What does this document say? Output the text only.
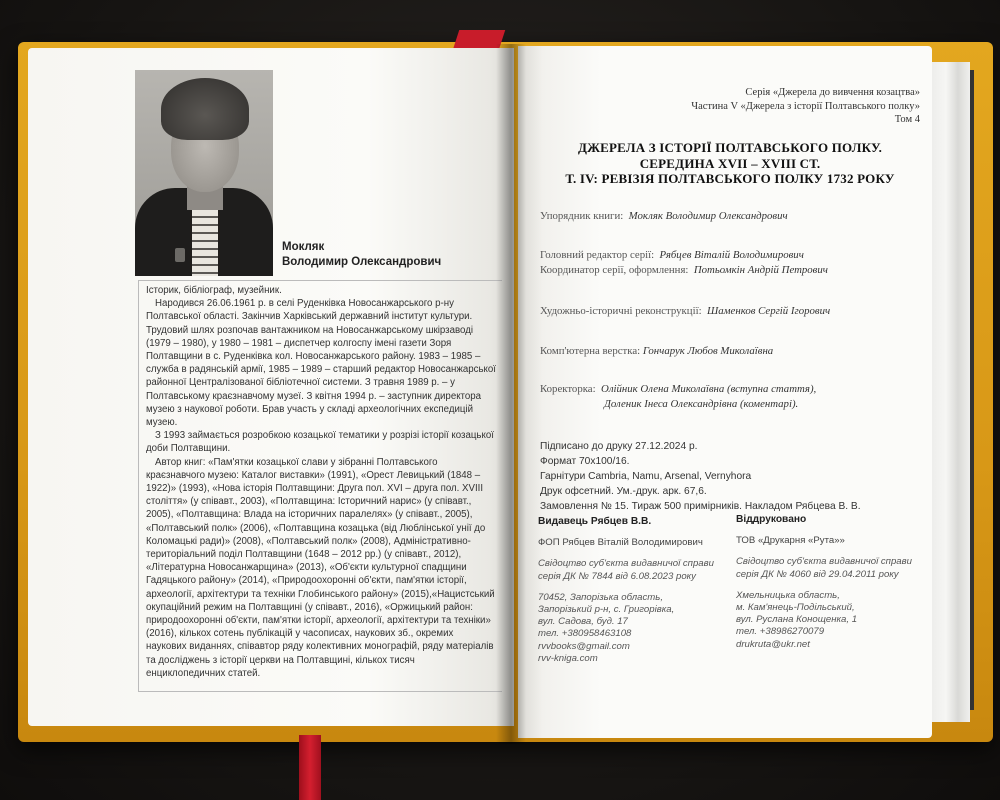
Мокляк
Володимир Олександрович

Історик, бібліограф, музейник.

Народився 26.06.1961 р. в селі Руденківка Новосанжарського р-ну Полтавської області. Закінчив Харківський державний інститут культури. Трудовий шлях розпочав вантажником на Новосанжарському шкірзаводі (1979 – 1980), у 1980 – 1981 – диспетчер колгоспу імені газети Зоря Полтавщини в с. Руденківка кол. Новосанжарського району. 1983 – 1985 – служба в радянській армії, 1985 – 1989 – старший редактор Новосанжарської районної Централізованої бібліотечної системи. З травня 1989 р. – у Полтавському краєзнавчому музеї. З квітня 1994 р. – заступник директора музею з наукової роботи. Брав участь у складі археологічних експедицій музею.

З 1993 займається розробкою козацької тематики у розрізі історії козацької доби Полтавщини.

Автор книг: «Пам'ятки козацької слави у зібранні Полтавського краєзнавчого музею: Каталог виставки» (1991), «Орест Левицький (1848 – 1922)» (1993), «Нова історія Полтавщини: Друга пол. XVI – друга пол. XVIII століття» (у співавт., 2003), «Полтавщина: Історичний нарис» (у співавт., 2005), «Полтавщина: Влада на історичних паралелях» (у співавт., 2005), «Полтавський полк» (2006), «Полтавщина козацька (від Люблінської унії до Коломацькі ради)» (2008), «Полтавський полк» (2008), Адміністративно-територіальний поділ Полтавщини (1648 – 2012 рр.) (у співавт., 2012), «Літературна Новосанжарщина» (2013), «Об'єкти культурної спадщини Гадяцького району» (2014), «Природоохоронні об'єкти, пам'ятки історії, археології, архітектури та техніки Глобинського району» (2015),«Нацистський окупаційний режим на Полтавщині (у співавт., 2016), «Оржицький район: природоохоронні об'єкти, пам'ятки історії, археології, архітектури та техніки» (2016), кількох сотень публікацій у часописах, наукових зб., окремих наукових виданнях, співавтор ряду колективних монографій, ряду матеріалів та досліджень з історії церкви на Полтавщині, кількох тисяч енциклопедичних статей.

Серія «Джерела до вивчення козацтва»
Частина V «Джерела з історії Полтавського полку»
Том 4
ДЖЕРЕЛА З ІСТОРІЇ ПОЛТАВСЬКОГО ПОЛКУ.
СЕРЕДИНА XVII – XVIII СТ.
Т. IV: РЕВІЗІЯ ПОЛТАВСЬКОГО ПОЛКУ 1732 РОКУ
Упорядник книги: Мокляк Володимир Олександрович
Головний редактор серії: Рябцев Віталій Володимирович
Координатор серії, оформлення: Потьомкін Андрій Петрович
Художньо-історичні реконструкції: Шаменков Сергій Ігорович
Комп'ютерна верстка: Гончарук Любов Миколаївна
Коректорка: Олійник Олена Миколаївна (вступна стаття),
Доленик Інеса Олександрівна (коментарі).
Підписано до друку 27.12.2024 р.
Формат 70х100/16.
Гарнітури Cambria, Namu, Arsenal, Vernyhora
Друк офсетний. Ум.-друк. арк. 67,6.
Замовлення № 15. Тираж 500 примірників. Накладом Рябцева В. В.
Видавець Рябцев В.В.
ФОП Рябцев Віталій Володимирович
Свідоцтво суб'єкта видавничої справи
серія ДК № 7844 від 6.08.2023 року
70452, Запорізька область,
Запорізький р-н, с. Григорівка,
вул. Садова, буд. 17
тел. +380958463108
rvvbooks@gmail.com
rvv-kniga.com
Віддруковано
ТОВ «Друкарня «Рута»»
Свідоцтво суб'єкта видавничої справи
серія ДК № 4060 від 29.04.2011 року
Хмельницька область,
м. Кам'янець-Подільський,
вул. Руслана Конощенка, 1
тел. +38986270079
drukruta@ukr.net
